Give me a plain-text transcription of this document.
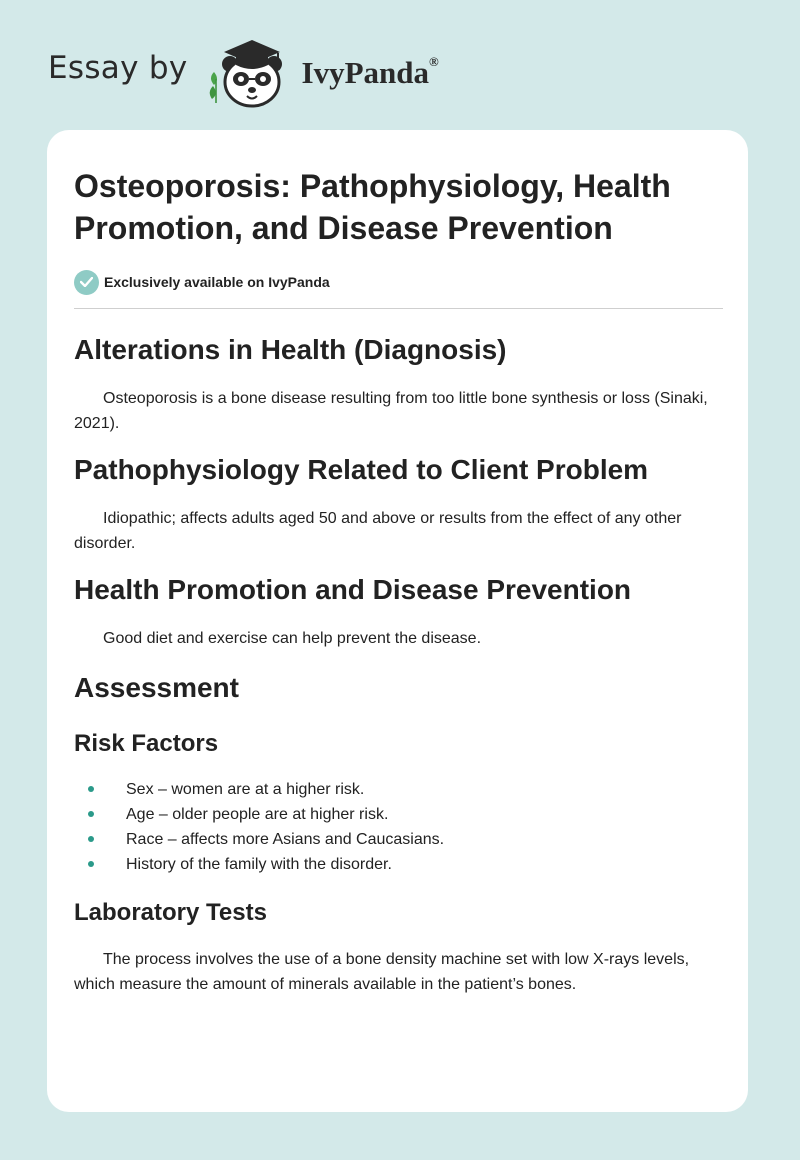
Essay by	IvyPanda®
Osteoporosis: Pathophysiology, Health Promotion, and Disease Prevention
Exclusively available on IvyPanda
Alterations in Health (Diagnosis)

Osteoporosis is a bone disease resulting from too little bone synthesis or loss (Sinaki, 2021).

Pathophysiology Related to Client Problem

Idiopathic; affects adults aged 50 and above or results from the effect of any other disorder.

Health Promotion and Disease Prevention

Good diet and exercise can help prevent the disease.

Assessment
Risk Factors
Sex – women are at a higher risk.
Age – older people are at higher risk.
Race – affects more Asians and Caucasians.
History of the family with the disorder.
Laboratory Tests

The process involves the use of a bone density machine set with low X-rays levels, which measure the amount of minerals available in the patient’s bones.
